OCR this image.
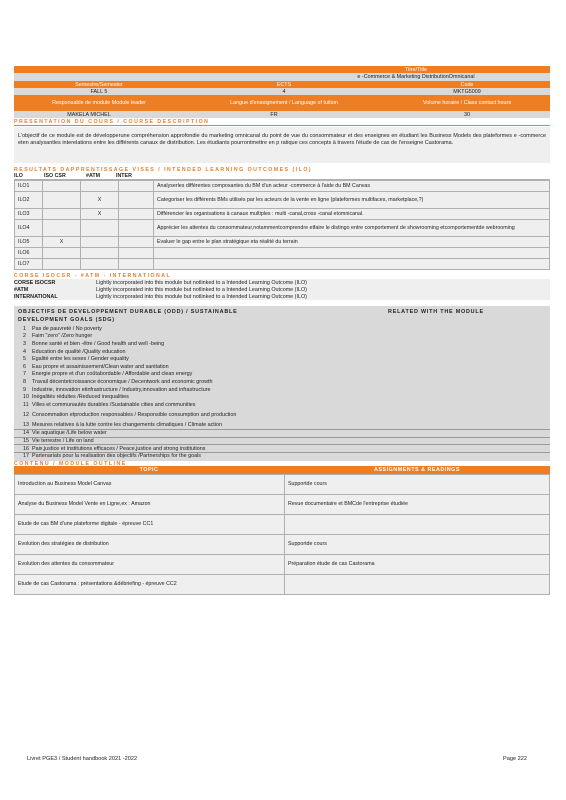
Titre/Title
e -Commerce & Marketing DistributionOmnicanal
Semestre/Semester	ECTS	Code
FALL 5	4	MKTG5009
Responsable de module Module leader	Langue d'enseignement / Language of tuition	Volume horaire / Class contact hours
MAKELA MICHEL	FR	30
PRESENTATION DU COURS / COURSE DESCRIPTION
L'objectif de ce module est de développerune compréhension approfondie du marketing omnicanal du point de vue du consommateur et des enseignes en étudiant les Business Models des plateformes e -commerce eten analysantles interelations entre les différents canaux de distribution. Les étudiants pourrontmettre en p ratique ces concepts à travers l'étude de cas de l'enseigne Castorama.
RESULTATS DAPPRENTISSAGE VISES / INTENDED LEARNING OUTCOMES (ILO)
ILO	ISO CSR	#ATM	INTER
ILO1				Analyserles différentes composantes du BM d'un acteur -commerce à l'aide du BM Canvas
ILO2		X		Categoriser les différents BMs utilisés par les acteurs de la vente en ligne (plateformes multifaces, marketplace,?)
ILO3		X		Différencier les organisations à canaux multiples : multi -canal,cross -canal etomnicanal.
ILO4				Apprécier les attentes du consommateur,notammentcomprendre etfaire le distingo entre comportement de showrooming etcomportementde webrooming
ILO5	X			Evaluer le gap entre le plan stratégique eta réalité du terrain
ILO6				
ILO7				
CORSE ISOCSR - #ATM - INTERNATIONAL
CORSE ISOCSR	Lightly incorporated into this module but notlinked to a Intended Learning Outcome (ILO)
#ATM	Lightly incorporated into this module but notlinked to a Intended Learning Outcome (ILO)
INTERNATIONAL	Lightly incorporated into this module but notlinked to a Intended Learning Outcome (ILO)
OBJECTIFS DE DEVELOPPEMENT DURABLE (ODD) / SUSTAINABLE	RELATED WITH THE MODULE
DEVELOPMENT GOALS (SDG)
1	Pas de pauvreté / No poverty
2	Faim "zero" /Zero hunger
3	Bonne santé et bien -être / Good health and well -being
4	Education de qualité /Quality education
5	Egalité entre les sexes / Gender equality
6	Eau propre et assainissement/Clean water and sanitation
7	Energie propre et d'un coûtabordable / Affordable and clean energy
8	Travail décentetcroissance économique / Decentwork and economic growth
9	Industrie, innovation etinfrastructure / Industry,innovation and infrastructure
10 Inégalités réduites /Reduced inequalities
11 Villes et communautés durables /Sustainable cities and communities
12 Consommation etproduction responsables / Responsible consumption and production
13 Mesures relatives à la lutte contre les changements climatiques / Climate action
14 Vie aquatique /Life below water
15 Vie terrestre / Life on land
16 Paix,justice et institutions efficaces / Peace,justice and strong institutions
17 Partenariats pour la realisation des objectifs /Partnerships for the goals
CONTENU / MODULE OUTLINE
TOPIC	ASSIGNMENTS & READINGS
Introduction au Business Model Canvas	Supportde cours
Analyse du Business Model Vente en Ligne,ex : Amazon	Revue documentaire et BMCde l'entreprise étudiée
Etude de cas BM d'une plateforme digitale - épreuve CC1	
Evolution des stratégies de distribution	Supportde cours
Evolution des attentes du consommateur	Préparation étude de cas Castorama
Etude de cas Castorama : présentations &débriefing - épreuve CC2	
Livret PGE3 / Student handbook 2021 -2022	Page 222
